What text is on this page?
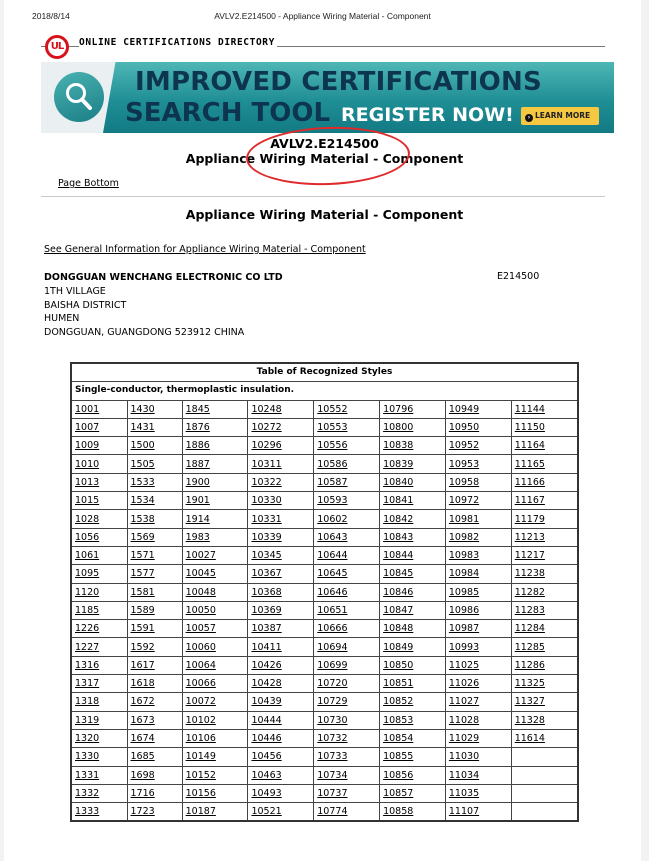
2018/8/14	AVLV2.E214500 - Appliance Wiring Material - Component
UL	ONLINE CERTIFICATIONS DIRECTORY
IMPROVED CERTIFICATIONS
SEARCH TOOL REGISTER NOW!	› LEARN MORE
AVLV2.E214500
Appliance Wiring Material - Component
Page Bottom
Appliance Wiring Material - Component
See General Information for Appliance Wiring Material - Component
DONGGUAN WENCHANG ELECTRONIC CO LTD
1TH VILLAGE
BAISHA DISTRICT
HUMEN
DONGGUAN, GUANGDONG 523912 CHINA
E214500
Table of Recognized Styles							
Single-conductor, thermoplastic insulation.							
1001	1430	1845	10248	10552	10796	10949	11144
1007	1431	1876	10272	10553	10800	10950	11150
1009	1500	1886	10296	10556	10838	10952	11164
1010	1505	1887	10311	10586	10839	10953	11165
1013	1533	1900	10322	10587	10840	10958	11166
1015	1534	1901	10330	10593	10841	10972	11167
1028	1538	1914	10331	10602	10842	10981	11179
1056	1569	1983	10339	10643	10843	10982	11213
1061	1571	10027	10345	10644	10844	10983	11217
1095	1577	10045	10367	10645	10845	10984	11238
1120	1581	10048	10368	10646	10846	10985	11282
1185	1589	10050	10369	10651	10847	10986	11283
1226	1591	10057	10387	10666	10848	10987	11284
1227	1592	10060	10411	10694	10849	10993	11285
1316	1617	10064	10426	10699	10850	11025	11286
1317	1618	10066	10428	10720	10851	11026	11325
1318	1672	10072	10439	10729	10852	11027	11327
1319	1673	10102	10444	10730	10853	11028	11328
1320	1674	10106	10446	10732	10854	11029	11614
1330	1685	10149	10456	10733	10855	11030	
1331	1698	10152	10463	10734	10856	11034	
1332	1716	10156	10493	10737	10857	11035	
1333	1723	10187	10521	10774	10858	11107	
